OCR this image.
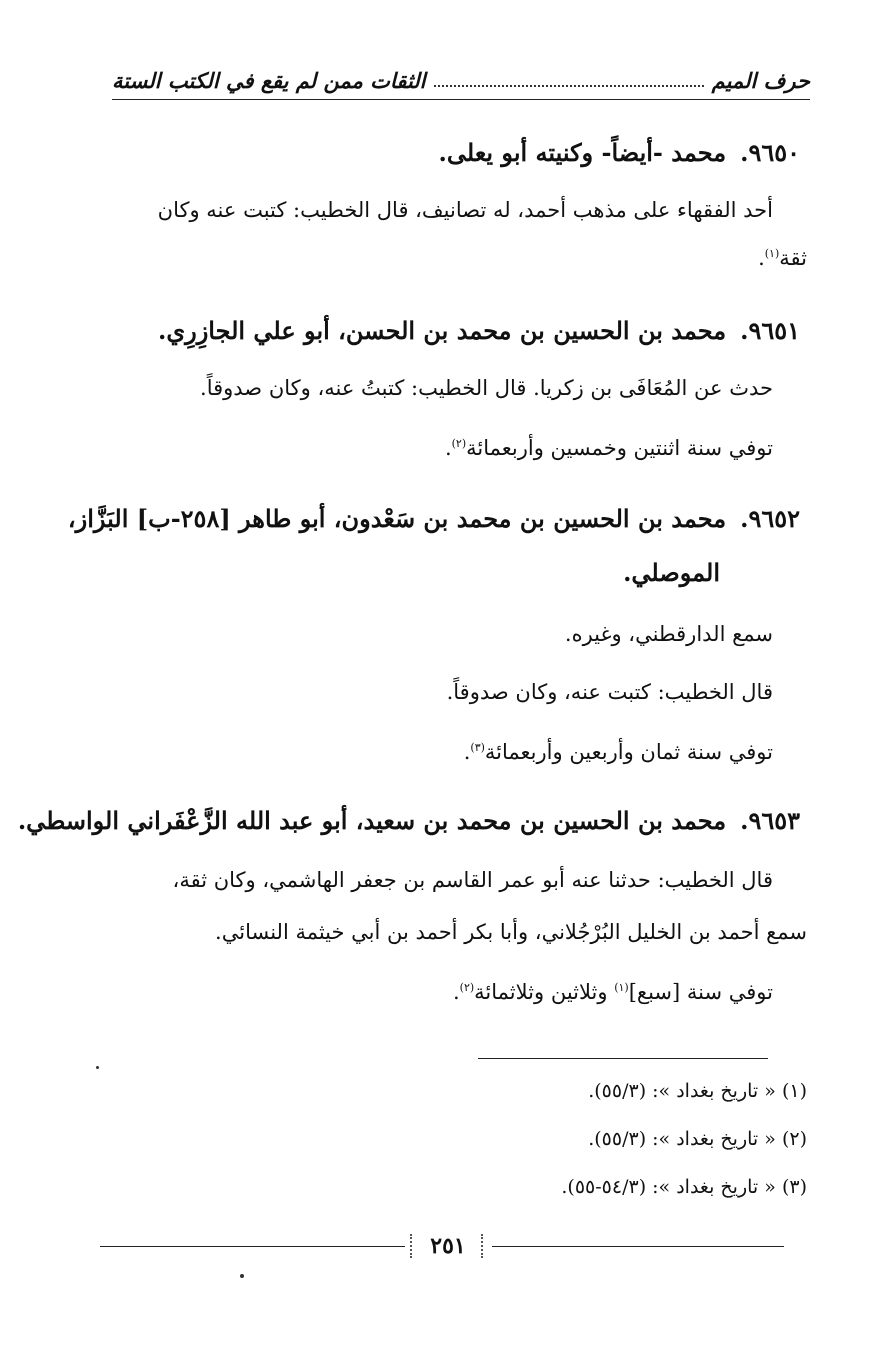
حرف الميم
الثقات ممن لم يقع في الكتب الستة
٩٦٥٠.محمد -أيضاً- وكنيته أبو يعلى.
أحد الفقهاء على مذهب أحمد، له تصانيف، قال الخطيب: كتبت عنه وكان
ثقة$^{(١)}$.
٩٦٥١.محمد بن الحسين بن محمد بن الحسن، أبو علي الجازِرِي.
حدث عن المُعَافَى بن زكريا. قال الخطيب: كتبتُ عنه، وكان صدوقاً.
توفي سنة اثنتين وخمسين وأربعمائة$^{(٢)}$.
٩٦٥٢.محمد بن الحسين بن محمد بن سَعْدون، أبو طاهر [٢٥٨-ب] البَزَّاز،
الموصلي.
سمع الدارقطني، وغيره.
قال الخطيب: كتبت عنه، وكان صدوقاً.
توفي سنة ثمان وأربعين وأربعمائة$^{(٣)}$.
٩٦٥٣.محمد بن الحسين بن محمد بن سعيد، أبو عبد الله الزَّعْفَراني الواسطي.
قال الخطيب: حدثنا عنه أبو عمر القاسم بن جعفر الهاشمي، وكان ثقة،
سمع أحمد بن الخليل البُرْجُلاني، وأبا بكر أحمد بن أبي خيثمة النسائي.
توفي سنة [سبع]$^{(١)}$ وثلاثين وثلاثمائة$^{(٢)}$.
(١) « تاريخ بغداد »: (٥٥/٣).
(٢) « تاريخ بغداد »: (٥٥/٣).
(٣) « تاريخ بغداد »: (٥٤/٣-٥٥).
٢٥١
